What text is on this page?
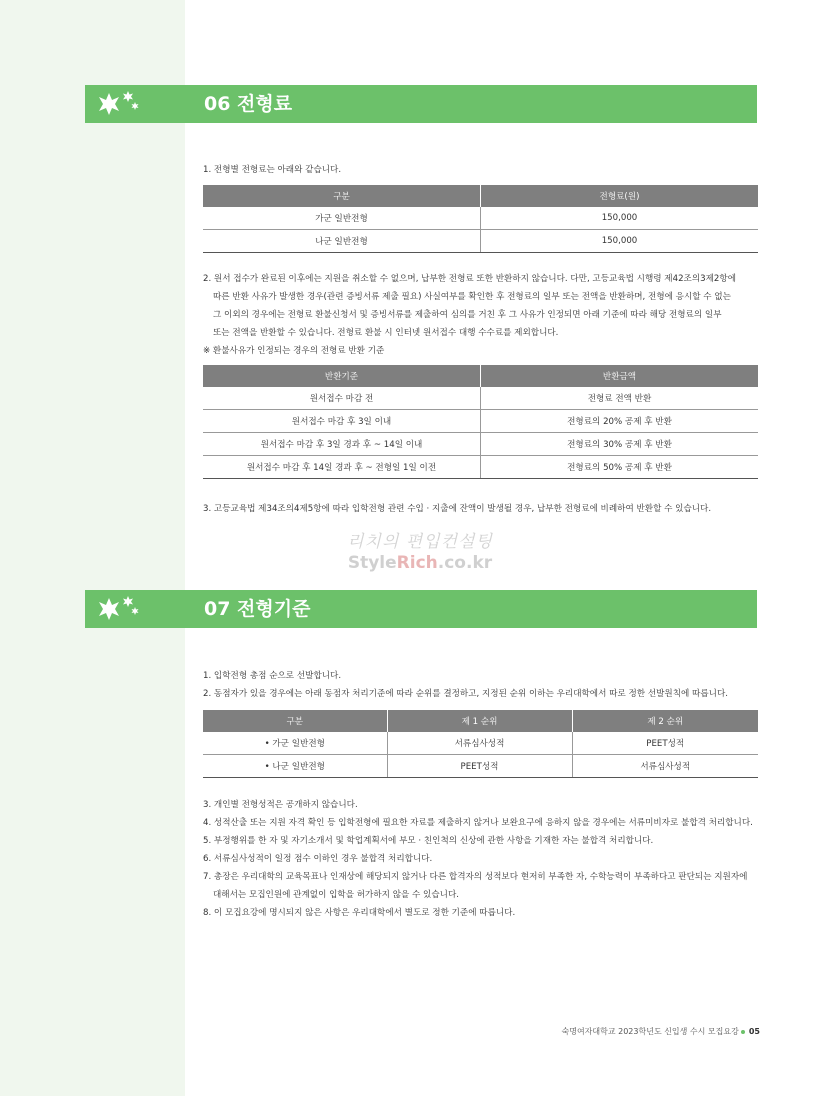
06 전형료
1. 전형별 전형료는 아래와 같습니다.
구분	전형료(원)
가군 일반전형	150,000
나군 일반전형	150,000
2. 원서 접수가 완료된 이후에는 지원을 취소할 수 없으며, 납부한 전형료 또한 반환하지 않습니다. 다만, 고등교육법 시행령 제42조의3제2항에
따른 반환 사유가 발생한 경우(관련 증빙서류 제출 필요) 사실여부를 확인한 후 전형료의 일부 또는 전액을 반환하며, 전형에 응시할 수 없는
그 이외의 경우에는 전형료 환불신청서 및 증빙서류를 제출하여 심의를 거친 후 그 사유가 인정되면 아래 기준에 따라 해당 전형료의 일부
또는 전액을 반환할 수 있습니다. 전형료 환불 시 인터넷 원서접수 대행 수수료를 제외합니다.
※ 환불사유가 인정되는 경우의 전형료 반환 기준
반환기준	반환금액
원서접수 마감 전	전형료 전액 반환
원서접수 마감 후 3일 이내	전형료의 20% 공제 후 반환
원서접수 마감 후 3일 경과 후 ~ 14일 이내	전형료의 30% 공제 후 반환
원서접수 마감 후 14일 경과 후 ~ 전형일 1일 이전	전형료의 50% 공제 후 반환
3. 고등교육법 제34조의4제5항에 따라 입학전형 관련 수입 · 지출에 잔액이 발생될 경우, 납부한 전형료에 비례하여 반환할 수 있습니다.
리치의 편입컨설팅
StyleRich.co.kr
07 전형기준
1. 입학전형 총점 순으로 선발합니다.
2. 동점자가 있을 경우에는 아래 동점자 처리기준에 따라 순위를 결정하고, 지정된 순위 이하는 우리대학에서 따로 정한 선발원칙에 따릅니다.
구분	제 1 순위	제 2 순위
• 가군 일반전형	서류심사성적	PEET성적
• 나군 일반전형	PEET성적	서류심사성적
3. 개인별 전형성적은 공개하지 않습니다.
4. 성적산출 또는 지원 자격 확인 등 입학전형에 필요한 자료를 제출하지 않거나 보완요구에 응하지 않을 경우에는 서류미비자로 불합격 처리합니다.
5. 부정행위를 한 자 및 자기소개서 및 학업계획서에 부모 · 친인척의 신상에 관한 사항을 기재한 자는 불합격 처리합니다.
6. 서류심사성적이 일정 점수 이하인 경우 불합격 처리합니다.
7. 총장은 우리대학의 교육목표나 인재상에 해당되지 않거나 다른 합격자의 성적보다 현저히 부족한 자, 수학능력이 부족하다고 판단되는 지원자에
대해서는 모집인원에 관계없이 입학을 허가하지 않을 수 있습니다.
8. 이 모집요강에 명시되지 않은 사항은 우리대학에서 별도로 정한 기준에 따릅니다.
숙명여자대학교 2023학년도 신입생 수시 모집요강 05
